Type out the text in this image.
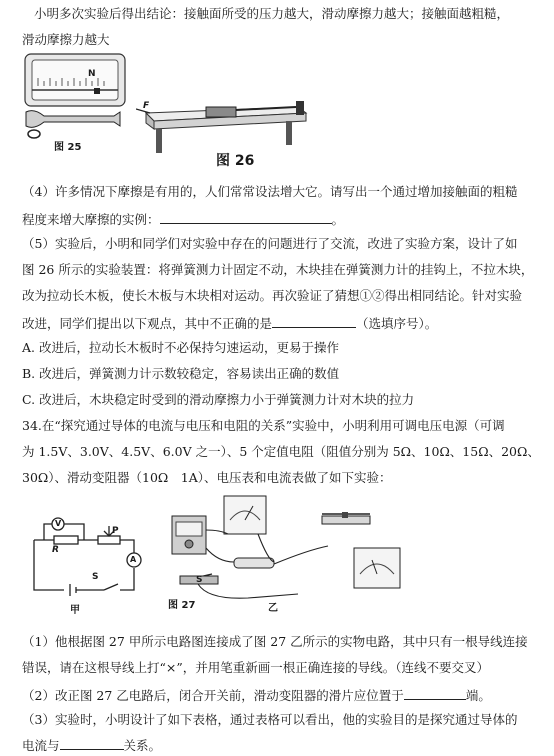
小明多次实验后得出结论：接触面所受的压力越大，滑动摩擦力越大；接触面越粗糙，
滑动摩擦力越大
N
图 25
F
图 26
（4）许多情况下摩擦是有用的，人们常常设法增大它。请写出一个通过增加接触面的粗糙
程度来增大摩擦的实例：	。
（5）实验后，小明和同学们对实验中存在的问题进行了交流，改进了实验方案，设计了如
图 26 所示的实验装置：将弹簧测力计固定不动，木块挂在弹簧测力计的挂钩上，不拉木块，
改为拉动长木板，使长木板与木块相对运动。再次验证了猜想①②得出相同结论。针对实验
改进，同学们提出以下观点，其中不正确的是	（选填序号）。
A. 改进后，拉动长木板时不必保持匀速运动，更易于操作
B. 改进后，弹簧测力计示数较稳定，容易读出正确的数值
C. 改进后，木块稳定时受到的滑动摩擦力小于弹簧测力计对木块的拉力
34.在“探究通过导体的电流与电压和电阻的关系”实验中，小明利用可调电压电源（可调
为 1.5V、3.0V、4.5V、6.0V 之一）、5 个定值电阻（阻值分别为 5Ω、10Ω、15Ω、20Ω、
30Ω）、滑动变阻器（10Ω　1A）、电压表和电流表做了如下实验：
V
A
R
P
S
甲
S
图 27	乙
（1）他根据图 27 甲所示电路图连接成了图 27 乙所示的实物电路，其中只有一根导线连接
错误，请在这根导线上打“×”，并用笔重新画一根正确连接的导线。（连线不要交叉）
（2）改正图 27 乙电路后，闭合开关前，滑动变阻器的滑片应位置于	端。
（3）实验时，小明设计了如下表格，通过表格可以看出，他的实验目的是探究通过导体的
电流与	关系。
